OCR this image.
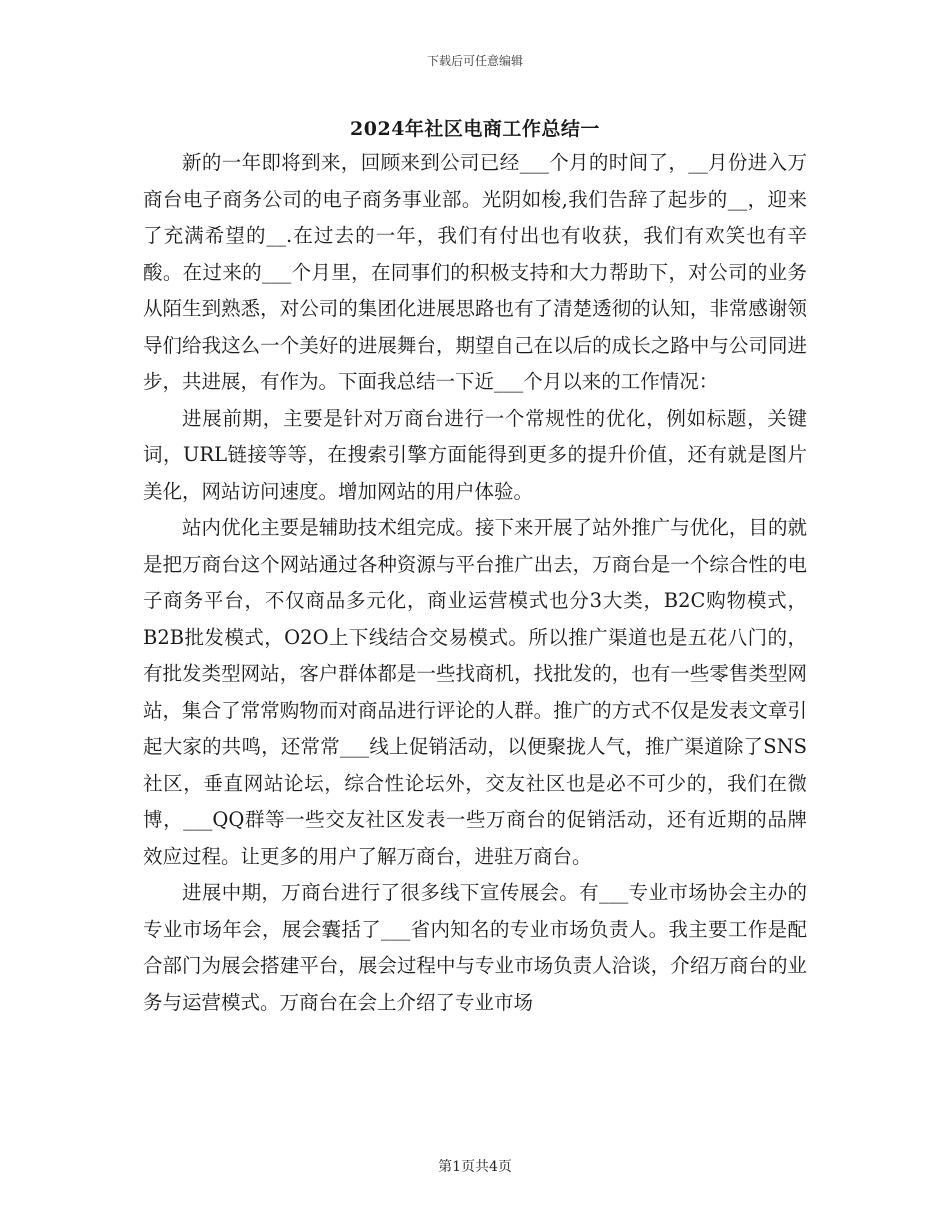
下载后可任意编辑
2024年社区电商工作总结一

新的一年即将到来，回顾来到公司已经___个月的时间了，__月份进入万商台电子商务公司的电子商务事业部。光阴如梭,我们告辞了起步的__，迎来了充满希望的__.在过去的一年，我们有付出也有收获，我们有欢笑也有辛酸。在过来的___个月里，在同事们的积极支持和大力帮助下，对公司的业务从陌生到熟悉，对公司的集团化进展思路也有了清楚透彻的认知，非常感谢领导们给我这么一个美好的进展舞台，期望自己在以后的成长之路中与公司同进步，共进展，有作为。下面我总结一下近___个月以来的工作情况：

进展前期，主要是针对万商台进行一个常规性的优化，例如标题，关键词，URL链接等等，在搜索引擎方面能得到更多的提升价值，还有就是图片美化，网站访问速度。增加网站的用户体验。

站内优化主要是辅助技术组完成。接下来开展了站外推广与优化，目的就是把万商台这个网站通过各种资源与平台推广出去，万商台是一个综合性的电子商务平台，不仅商品多元化，商业运营模式也分3大类，B2C购物模式，B2B批发模式，O2O上下线结合交易模式。所以推广渠道也是五花八门的，有批发类型网站，客户群体都是一些找商机，找批发的，也有一些零售类型网站，集合了常常购物而对商品进行评论的人群。推广的方式不仅是发表文章引起大家的共鸣，还常常___线上促销活动，以便聚拢人气，推广渠道除了SNS社区，垂直网站论坛，综合性论坛外，交友社区也是必不可少的，我们在微博，___QQ群等一些交友社区发表一些万商台的促销活动，还有近期的品牌效应过程。让更多的用户了解万商台，进驻万商台。

进展中期，万商台进行了很多线下宣传展会。有___专业市场协会主办的专业市场年会，展会囊括了___省内知名的专业市场负责人。我主要工作是配合部门为展会搭建平台，展会过程中与专业市场负责人洽谈，介绍万商台的业务与运营模式。万商台在会上介绍了专业市场

第1页共4页
